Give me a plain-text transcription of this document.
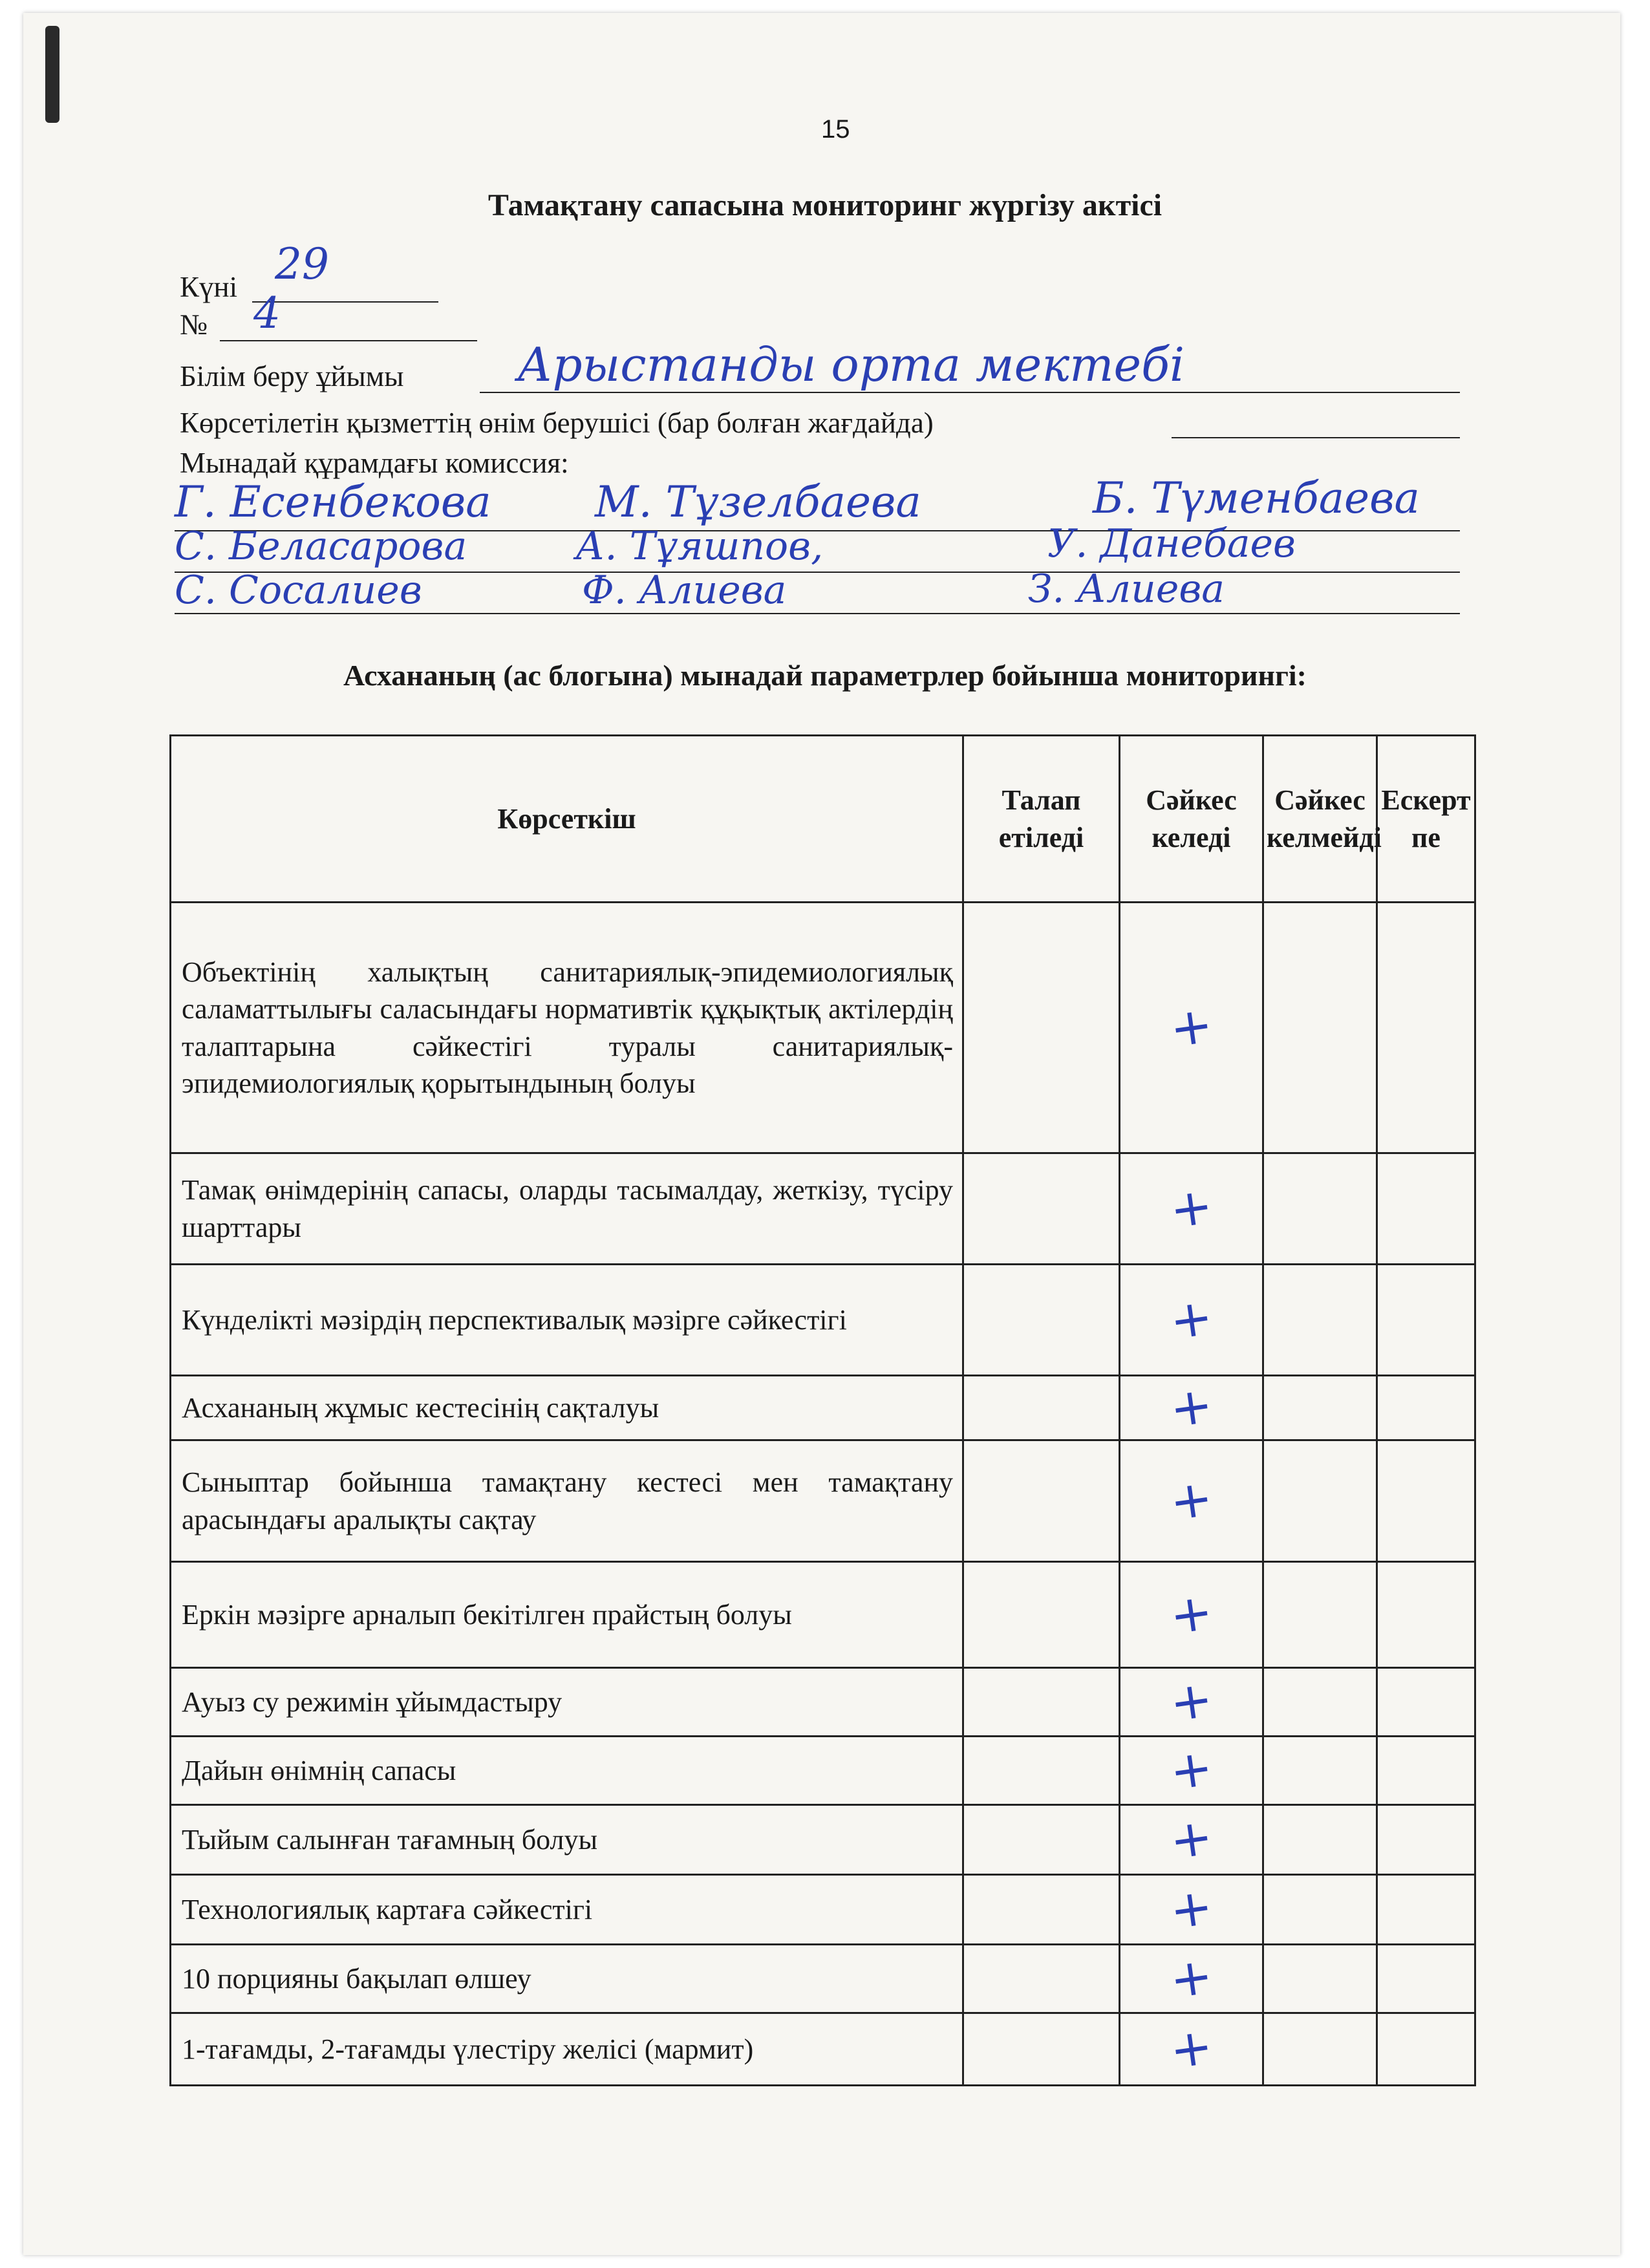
15
Тамақтану сапасына мониторинг жүргізу актісі
Күні 29
№ 4
Білім беру ұйымы Арыстанды орта мектебі
Көрсетілетін қызметтің өнім берушісі (бар болған жағдайда)
Мынадай құрамдағы комиссия:
Г. Есенбекова М. Тұзелбаева	Б. Түменбаева
С. Беласарова	А. Тұяшпов,	У. Данебаев
С. Сосалиев	Ф. Алиева	З. Алиева
Асхананың (ас блогына) мынадай параметрлер бойынша мониторингі:
Көрсеткіш	Талап етіледі	Сәйкес келеді	Сәйкес келмейді	Ескерт пе
Объектінің халықтың санитариялық-эпидемиологиялық саламаттылығы саласындағы нормативтік құқықтық актілердің талаптарына сәйкестігі туралы санитариялық-эпидемиологиялық қорытындының болуы		+		
Тамақ өнімдерінің сапасы, оларды тасымалдау, жеткізу, түсіру шарттары		+		
Күнделікті мәзірдің перспективалық мәзірге сәйкестігі		+		
Асхананың жұмыс кестесінің сақталуы		+		
Сыныптар бойынша тамақтану кестесі мен тамақтану арасындағы аралықты сақтау		+		
Еркін мәзірге арналып бекітілген прайстың болуы		+		
Ауыз су режимін ұйымдастыру		+		
Дайын өнімнің сапасы		+		
Тыйым салынған тағамның болуы		+		
Технологиялық картаға сәйкестігі		+		
10 порцияны бақылап өлшеу		+		
1-тағамды, 2-тағамды үлестіру желісі (мармит)		+		
